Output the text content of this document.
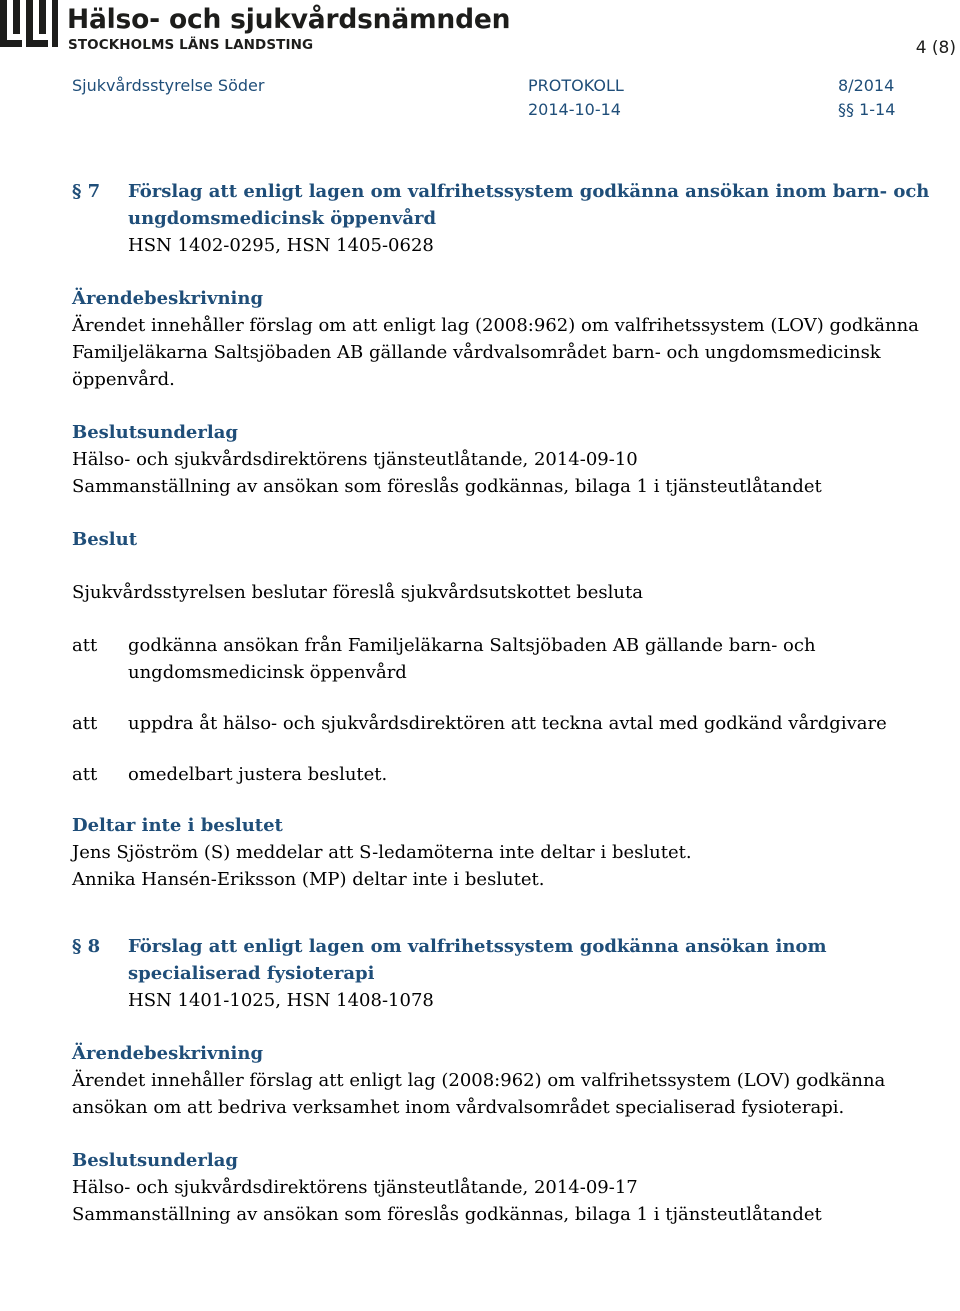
Hälso- och sjukvårdsnämnden
STOCKHOLMS LÄNS LANDSTING	4 (8)
Sjukvårdsstyrelse Söder	PROTOKOLL
2014-10-14
8/2014
§§ 1-14
§ 7 Förslag att enligt lagen om valfrihetssystem godkänna ansökan inom barn- och ungdomsmedicinsk öppenvård
HSN 1402-0295, HSN 1405-0628
Ärendebeskrivning

Ärendet innehåller förslag om att enligt lag (2008:962) om valfrihetssystem (LOV) godkänna Familjeläkarna Saltsjöbaden AB gällande vårdvalsområdet barn- och ungdomsmedicinsk öppenvård.

Beslutsunderlag

Hälso- och sjukvårdsdirektörens tjänsteutlåtande, 2014-09-10

Sammanställning av ansökan som föreslås godkännas, bilaga 1 i tjänsteutlåtandet

Beslut

Sjukvårdsstyrelsen beslutar föreslå sjukvårdsutskottet besluta

att godkänna ansökan från Familjeläkarna Saltsjöbaden AB gällande barn- och ungdomsmedicinsk öppenvård
att uppdra åt hälso- och sjukvårdsdirektören att teckna avtal med godkänd vårdgivare
att omedelbart justera beslutet.
Deltar inte i beslutet

Jens Sjöström (S) meddelar att S-ledamöterna inte deltar i beslutet.

Annika Hansén-Eriksson (MP) deltar inte i beslutet.

§ 8 Förslag att enligt lagen om valfrihetssystem godkänna ansökan inom specialiserad fysioterapi
HSN 1401-1025, HSN 1408-1078
Ärendebeskrivning

Ärendet innehåller förslag att enligt lag (2008:962) om valfrihetssystem (LOV) godkänna ansökan om att bedriva verksamhet inom vårdvalsområdet specialiserad fysioterapi.

Beslutsunderlag

Hälso- och sjukvårdsdirektörens tjänsteutlåtande, 2014-09-17

Sammanställning av ansökan som föreslås godkännas, bilaga 1 i tjänsteutlåtandet
